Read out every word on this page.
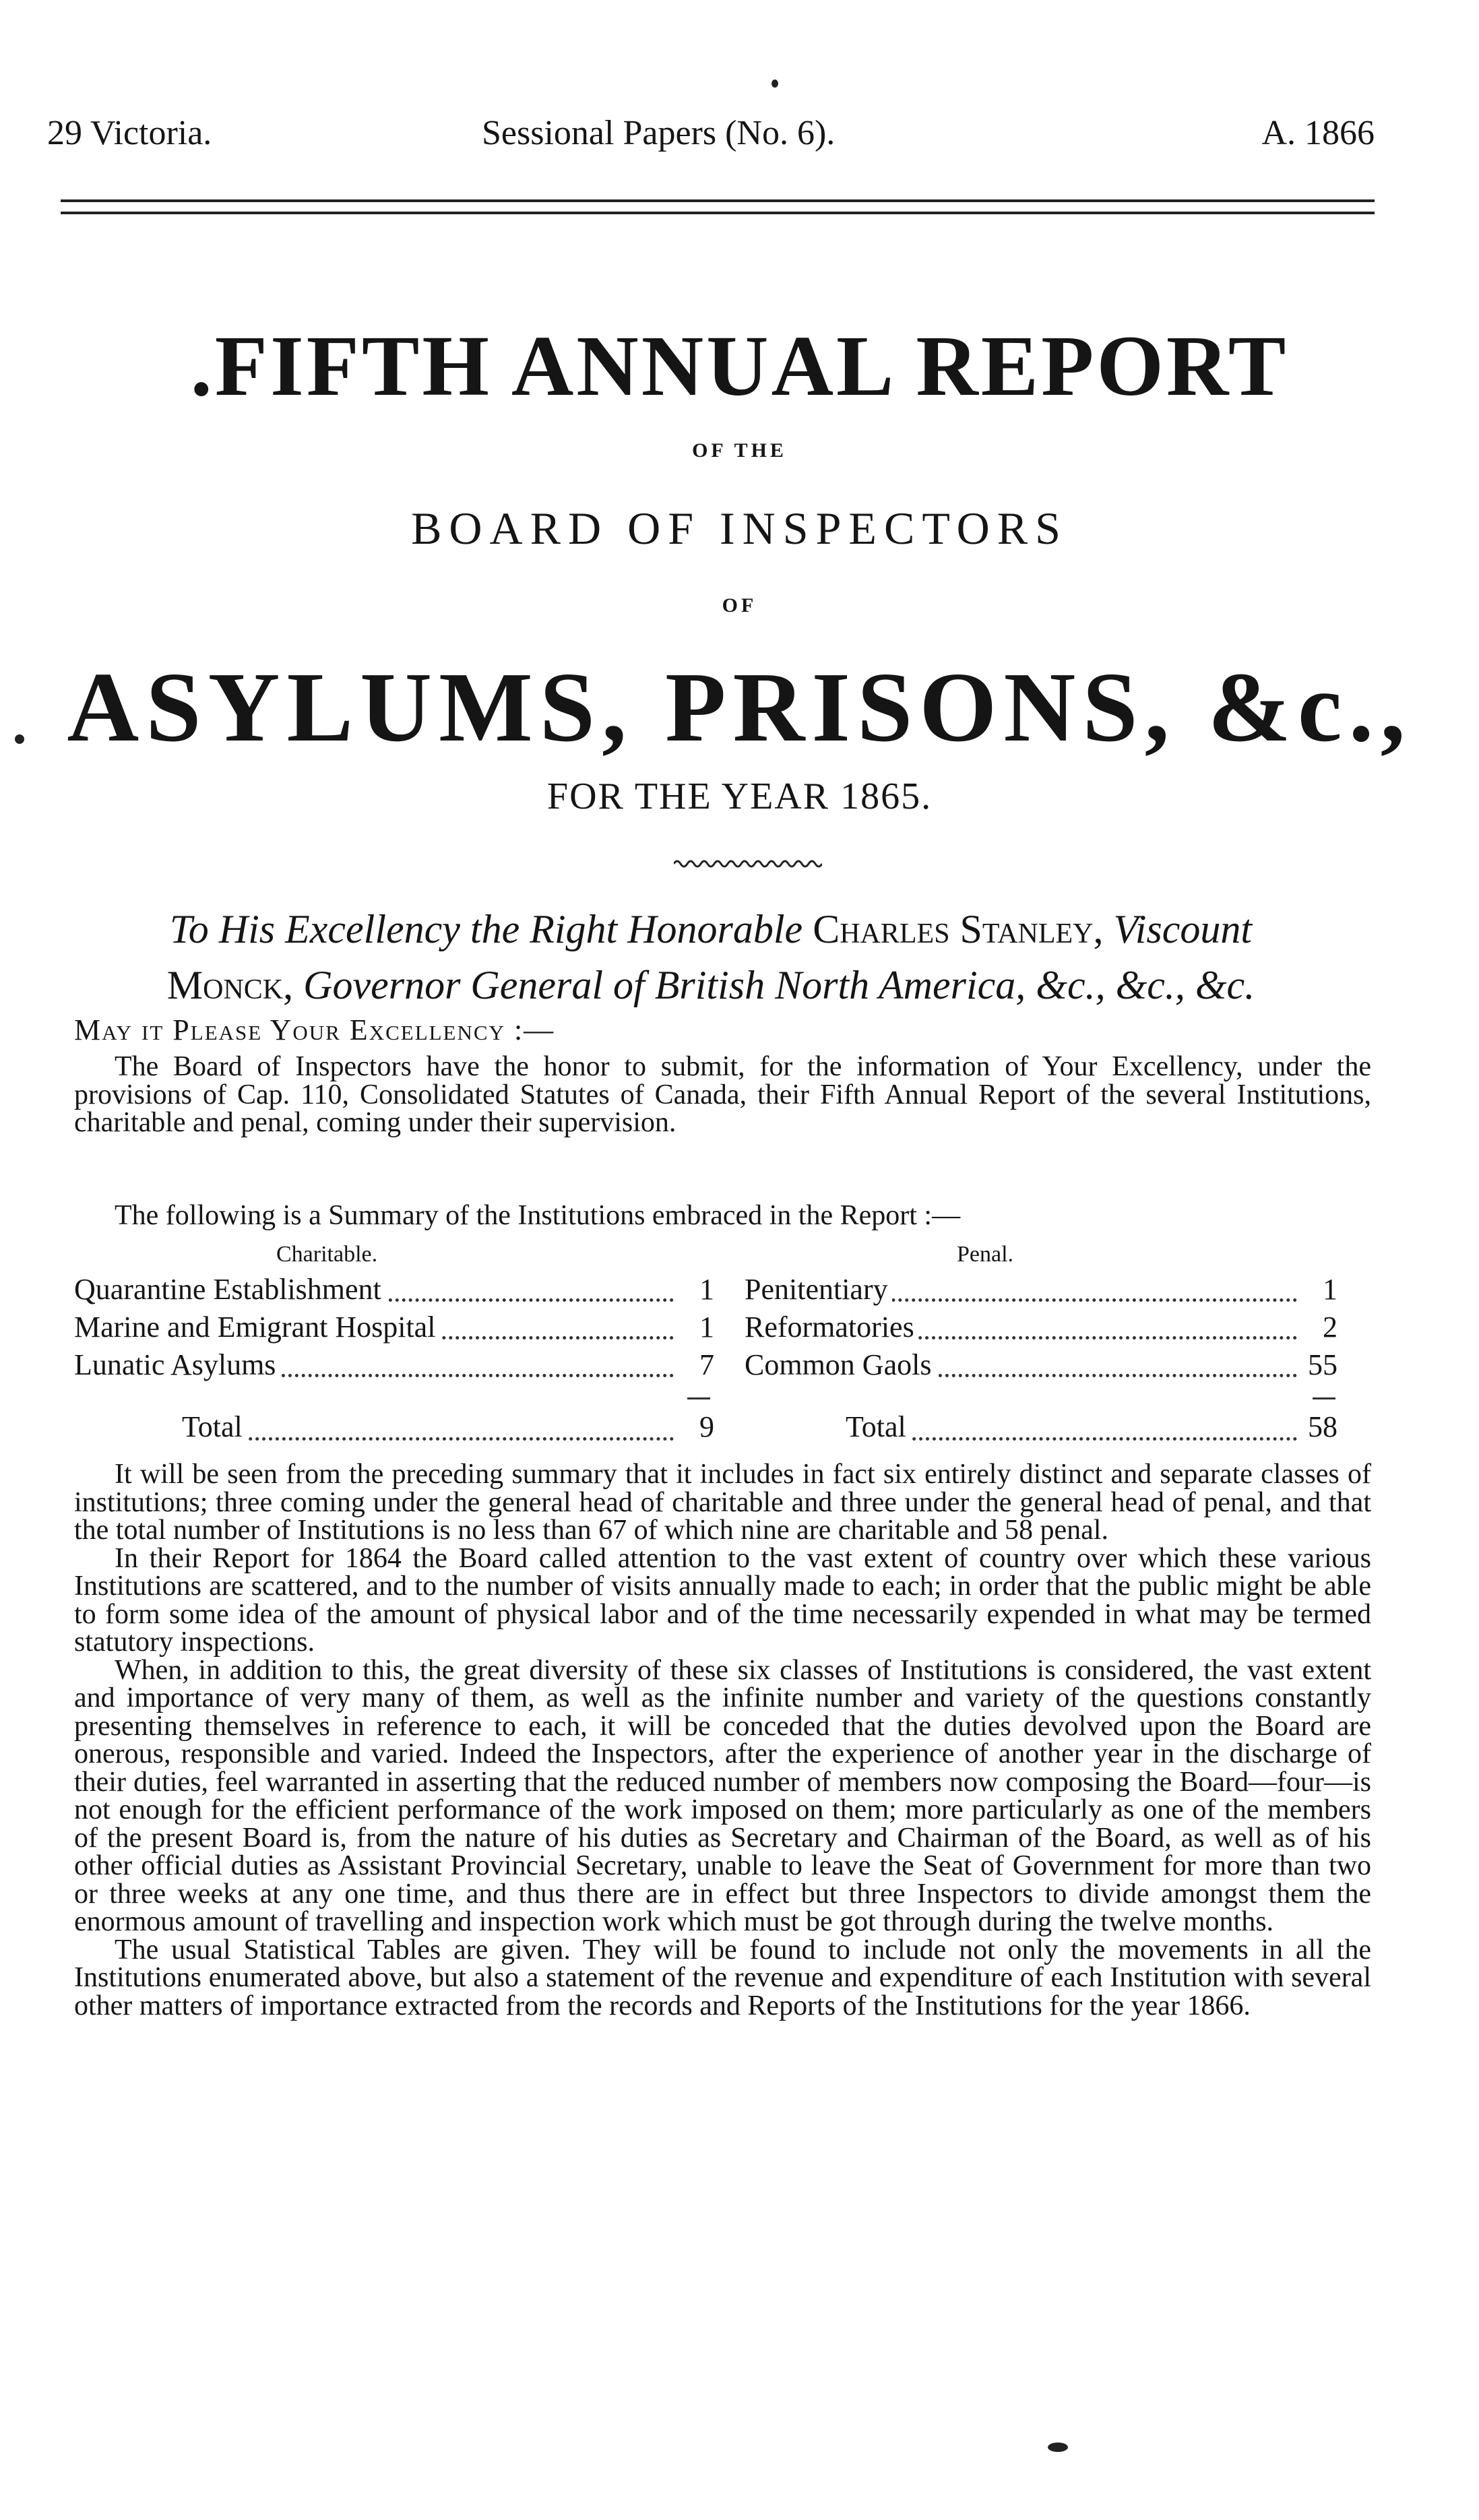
29 Victoria.	Sessional Papers (No. 6).	A. 1866
.FIFTH ANNUAL REPORT
OF THE
BOARD OF INSPECTORS
OF
ASYLUMS, PRISONS, &c.,
FOR THE YEAR 1865.
To His Excellency the Right Honorable Charles Stanley, Viscount
Monck, Governor General of British North America, &c., &c., &c.
May it Please Your Excellency :—

The Board of Inspectors have the honor to submit, for the information of Your Excellency, under the provisions of Cap. 110, Consolidated Statutes of Canada, their Fifth Annual Report of the several Institutions, charitable and penal, coming under their supervision.

The following is a Summary of the Institutions embraced in the Report :—
Charitable.	Penal.
Quarantine Establishment	1
Marine and Emigrant Hospital	1
Lunatic Asylums	7
Penitentiary	1
Reformatories	2
Common Gaols	55
Total	9	Total	58

It will be seen from the preceding summary that it includes in fact six entirely distinct and separate classes of institutions; three coming under the general head of charitable and three under the general head of penal, and that the total number of Institutions is no less than 67 of which nine are charitable and 58 penal.

In their Report for 1864 the Board called attention to the vast extent of country over which these various Institutions are scattered, and to the number of visits annually made to each; in order that the public might be able to form some idea of the amount of physical labor and of the time necessarily expended in what may be termed statutory inspections.

When, in addition to this, the great diversity of these six classes of Institutions is considered, the vast extent and importance of very many of them, as well as the infinite number and variety of the questions constantly presenting themselves in reference to each, it will be conceded that the duties devolved upon the Board are onerous, responsible and varied. Indeed the Inspectors, after the experience of another year in the discharge of their duties, feel warranted in asserting that the reduced number of members now composing the Board—four—is not enough for the efficient performance of the work imposed on them; more particularly as one of the members of the present Board is, from the nature of his duties as Secretary and Chairman of the Board, as well as of his other official duties as Assistant Provincial Secretary, unable to leave the Seat of Government for more than two or three weeks at any one time, and thus there are in effect but three Inspectors to divide amongst them the enormous amount of travelling and inspection work which must be got through during the twelve months.

The usual Statistical Tables are given. They will be found to include not only the movements in all the Institutions enumerated above, but also a statement of the revenue and expenditure of each Institution with several other matters of importance extracted from the records and Reports of the Institutions for the year 1866.
